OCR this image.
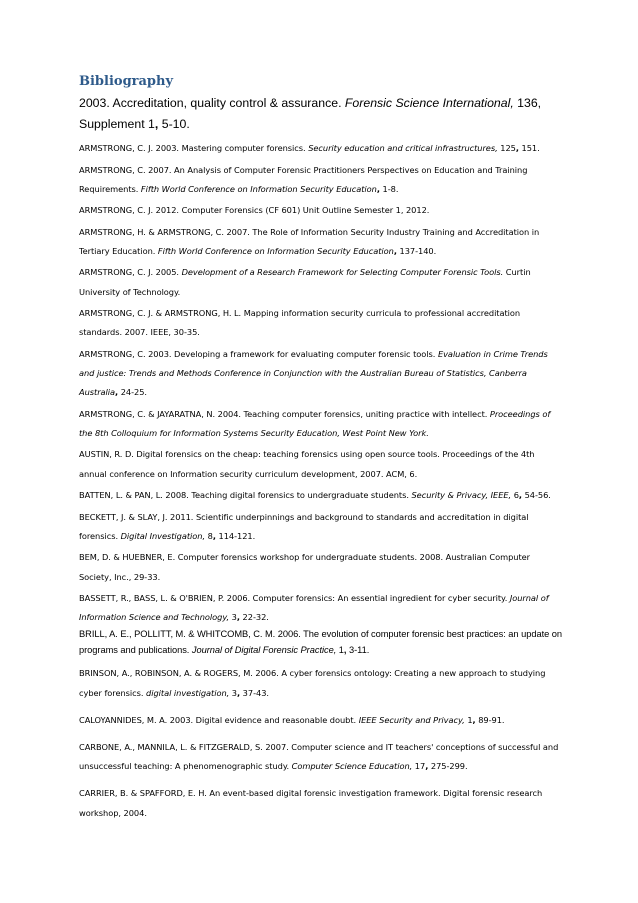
Bibliography

2003. Accreditation, quality control & assurance. Forensic Science International, 136, Supplement 1, 5-10.

ARMSTRONG, C. J. 2003. Mastering computer forensics. Security education and critical infrastructures, 125, 151.

ARMSTRONG, C. 2007. An Analysis of Computer Forensic Practitioners Perspectives on Education and Training Requirements. Fifth World Conference on Information Security Education, 1-8.

ARMSTRONG, C. J. 2012. Computer Forensics (CF 601) Unit Outline Semester 1, 2012.

ARMSTRONG, H. & ARMSTRONG, C. 2007. The Role of Information Security Industry Training and Accreditation in Tertiary Education. Fifth World Conference on Information Security Education, 137-140.

ARMSTRONG, C. J. 2005. Development of a Research Framework for Selecting Computer Forensic Tools. Curtin University of Technology.

ARMSTRONG, C. J. & ARMSTRONG, H. L. Mapping information security curricula to professional accreditation standards. 2007. IEEE, 30-35.

ARMSTRONG, C. 2003. Developing a framework for evaluating computer forensic tools. Evaluation in Crime Trends and justice: Trends and Methods Conference in Conjunction with the Australian Bureau of Statistics, Canberra Australia, 24-25.

ARMSTRONG, C. & JAYARATNA, N. 2004. Teaching computer forensics, uniting practice with intellect. Proceedings of the 8th Colloquium for Information Systems Security Education, West Point New York.

AUSTIN, R. D. Digital forensics on the cheap: teaching forensics using open source tools. Proceedings of the 4th annual conference on Information security curriculum development, 2007. ACM, 6.

BATTEN, L. & PAN, L. 2008. Teaching digital forensics to undergraduate students. Security & Privacy, IEEE, 6, 54-56.

BECKETT, J. & SLAY, J. 2011. Scientific underpinnings and background to standards and accreditation in digital forensics. Digital Investigation, 8, 114-121.

BEM, D. & HUEBNER, E. Computer forensics workshop for undergraduate students. 2008. Australian Computer Society, Inc., 29-33.

BASSETT, R., BASS, L. & O'BRIEN, P. 2006. Computer forensics: An essential ingredient for cyber security. Journal of Information Science and Technology, 3, 22-32.

BRILL, A. E., POLLITT, M. & WHITCOMB, C. M. 2006. The evolution of computer forensic best practices: an update on programs and publications. Journal of Digital Forensic Practice, 1, 3-11.

BRINSON, A., ROBINSON, A. & ROGERS, M. 2006. A cyber forensics ontology: Creating a new approach to studying cyber forensics. digital investigation, 3, 37-43.

CALOYANNIDES, M. A. 2003. Digital evidence and reasonable doubt. IEEE Security and Privacy, 1, 89-91.

CARBONE, A., MANNILA, L. & FITZGERALD, S. 2007. Computer science and IT teachers' conceptions of successful and unsuccessful teaching: A phenomenographic study. Computer Science Education, 17, 275-299.

CARRIER, B. & SPAFFORD, E. H. An event-based digital forensic investigation framework. Digital forensic research workshop, 2004.
